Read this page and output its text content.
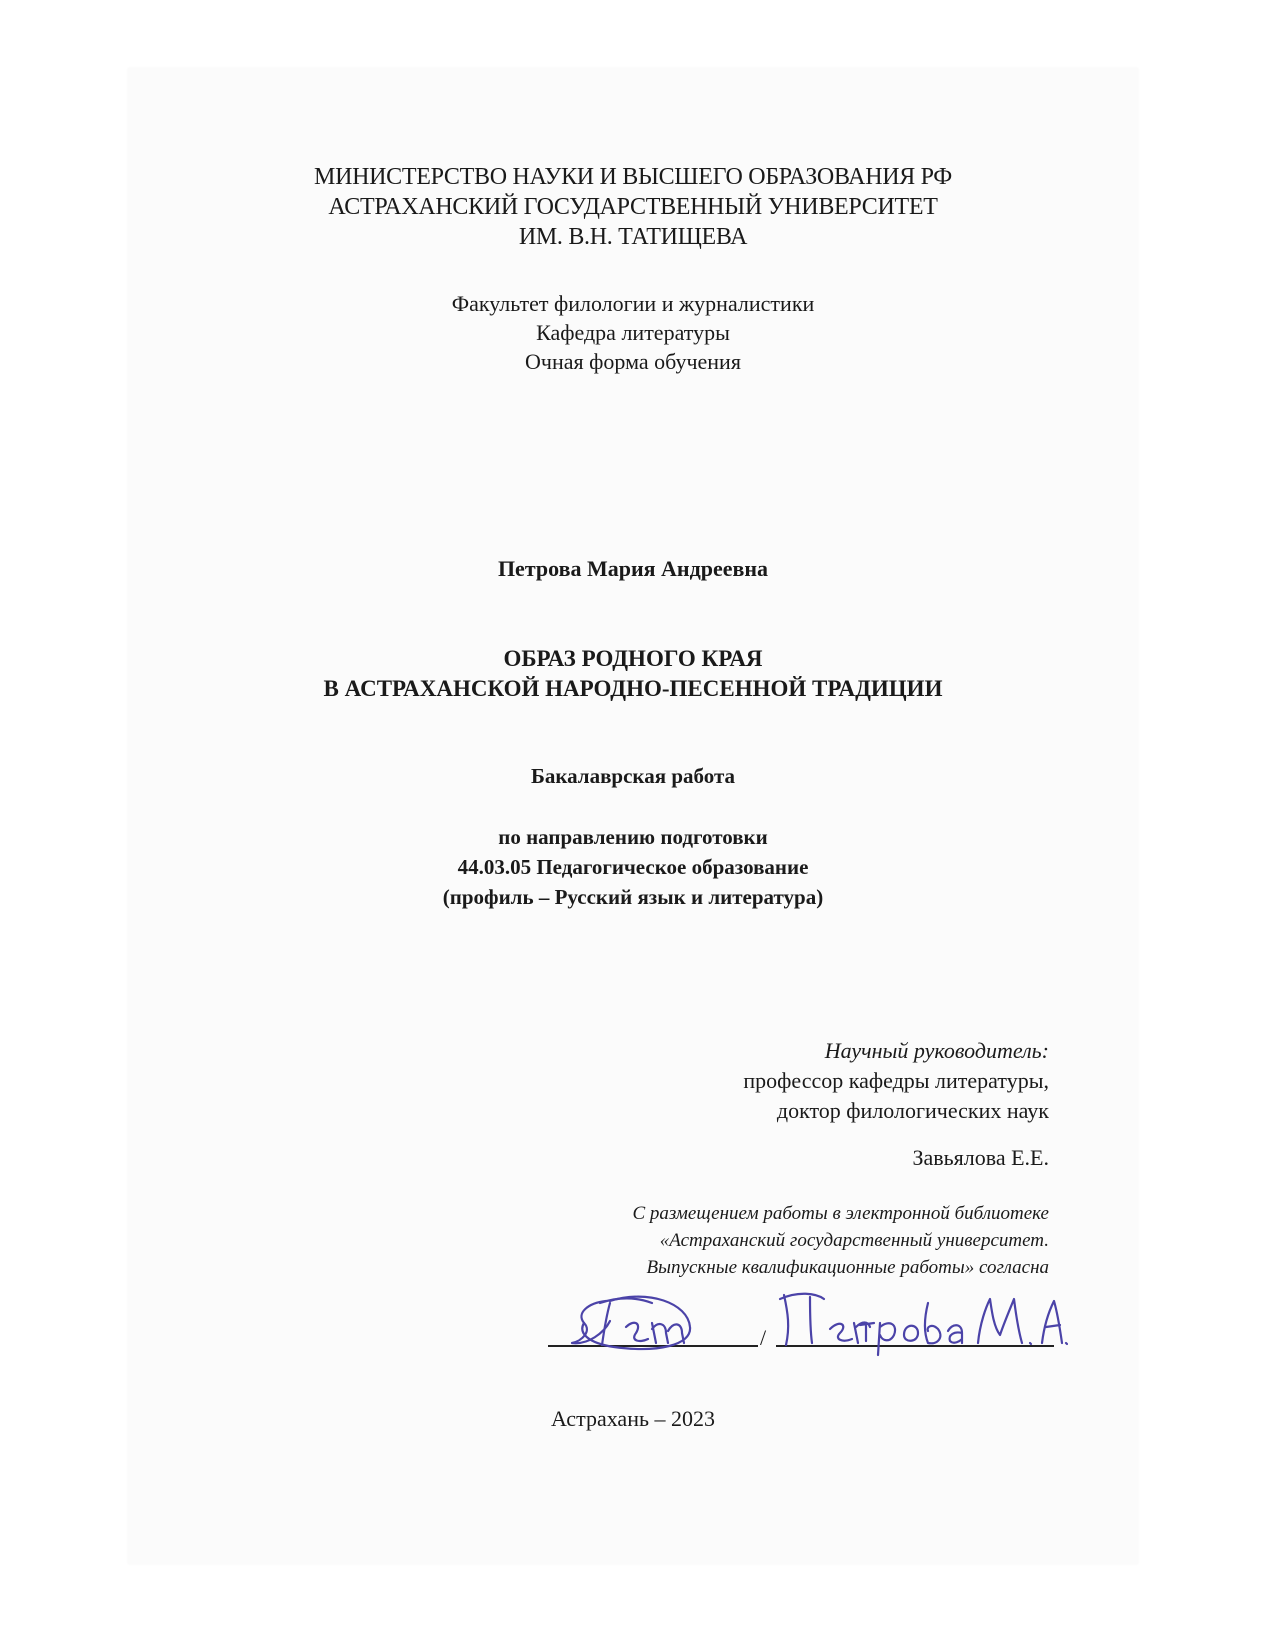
МИНИСТЕРСТВО НАУКИ И ВЫСШЕГО ОБРАЗОВАНИЯ РФ
АСТРАХАНСКИЙ ГОСУДАРСТВЕННЫЙ УНИВЕРСИТЕТ
ИМ. В.Н. ТАТИЩЕВА
Факультет филологии и журналистики
Кафедра литературы
Очная форма обучения
Петрова Мария Андреевна
ОБРАЗ РОДНОГО КРАЯ
В АСТРАХАНСКОЙ НАРОДНО-ПЕСЕННОЙ ТРАДИЦИИ
Бакалаврская работа
по направлению подготовки
44.03.05 Педагогическое образование
(профиль – Русский язык и литература)
Научный руководитель:
профессор кафедры литературы,
доктор филологических наук
Завьялова Е.Е.
С размещением работы в электронной библиотеке
«Астраханский государственный университет.
Выпускные квалификационные работы» согласна
/
Астрахань – 2023
